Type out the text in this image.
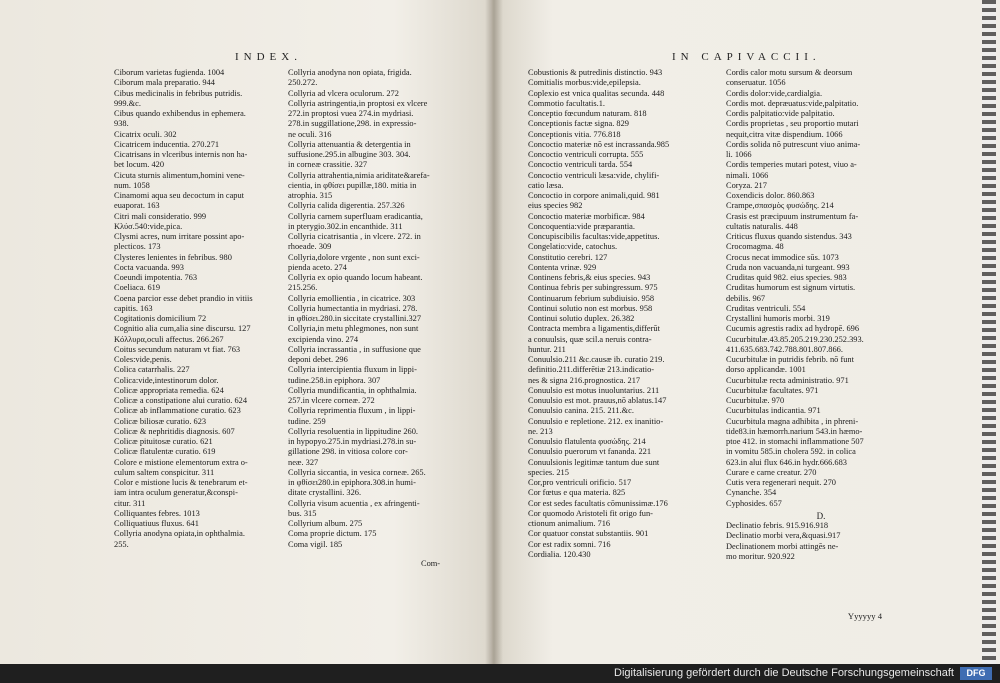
INDEX.
Ciborum varietas fugienda. 1004
Ciborum mala preparatio. 944
Cibus medicinalis in febribus putridis.
999.&c.
Cibus quando exhibendus in ephemera.
938.
Cicatrix oculi. 302
Cicatricem inducentia. 270.271
Cicatrisans in vlceribus internis non ha-
bet locum. 420
Cicuta sturnis alimentum,homini vene-
num. 1058
Cinamomi aqua seu decoctum in caput
euaporat. 163
Citri mali consideratio. 999
Κλύσ.540:vide,pica.
Clysmi acres, num irritare possint apo-
plecticos. 173
Clysteres lenientes in febribus. 980
Cocta vacuanda. 993
Coeundi impotentia. 763
Coeliaca. 619
Coena parcior esse debet prandio in vitiis
capitis. 163
Cogitationis domicilium 72
Cognitio alia cum,alia sine discursu. 127
Κόλλυρα,oculi affectus. 266.267
Coitus secundum naturam vt fiat. 763
Coles:vide,penis.
Colica catarrhalis. 227
Colica:vide,intestinorum dolor.
Colicæ appropriata remedia. 624
Colicæ a constipatione alui curatio. 624
Colicæ ab inflammatione curatio. 623
Colicæ biliosæ curatio. 623
Colicæ & nephritidis diagnosis. 607
Colicæ pituitosæ curatio. 621
Colicæ flatulentæ curatio. 619
Colore e mistione elementorum extra o-
culum saltem conspicitur. 311
Color e mistione lucis & tenebrarum et-
iam intra oculum generatur,&conspi-
citur. 311
Colliquantes febres. 1013
Colliquatiuus fluxus. 641
Collyria anodyna opiata,in ophthalmia.
255.
Collyria anodyna non opiata, frigida.
250.272.
Collyria ad vlcera oculorum. 272
Collyria astringentia,in proptosi ex vlcere
272.in proptosi vuea 274.in mydriasi.
278.in suggillatione,298. in expressio-
ne oculi. 316
Collyria attenuantia & detergentia in
suffusione.295.in albugine 303. 304.
in corneæ crassitie. 327
Collyria attrahentia,nimia ariditate&arefa-
cientia, in φθίσει pupillæ,180. mitia in
atrophia. 315
Collyria calida digerentia. 257.326
Collyria carnem superfluam eradicantia,
in pterygio.302.in encanthide. 311
Collyria cicatrisantia , in vlcere. 272. in
rhoeade. 309
Collyria,dolore vrgente , non sunt exci-
pienda aceto. 274
Collyria ex opio quando locum habeant.
215.256.
Collyria emollientia , in cicatrice. 303
Collyria humectantia in mydriasi. 278.
in φθίσει.280.in siccitate crystallini.327
Collyria,in metu phlegmones, non sunt
excipienda vino. 274
Collyria incrassantia , in suffusione que
deponi debet. 296
Collyria intercipientia fluxum in lippi-
tudine.258.in epiphora. 307
Collyria mundificantia, in ophthalmia.
257.in vlcere corneæ. 272
Collyria reprimentia fluxum , in lippi-
tudine. 259
Collyria resoluentia in lippitudine 260.
in hypopyo.275.in mydriasi.278.in su-
gillatione 298. in vitiosa colore cor-
neæ. 327
Collyria siccantia, in vesica corneæ. 265.
in φθίσει280.in epiphora.308.in humi-
ditate crystallini. 326.
Collyria visum acuentia , ex afringenti-
bus. 315
Collyrium album. 275
Coma proprie dictum. 175
Coma vigil. 185
Com-
IN CAPIVACCII.
Cobustionis & putredinis distinctio. 943
Comitialis morbus:vide,epilepsia.
Coplexio est vnica qualitas secunda. 448
Commotio facultatis.1.
Conceptio fœcundum naturam. 818
Conceptionis factæ signa. 829
Conceptionis vitia. 776.818
Concoctio materiæ nō est incrassanda.985
Concoctio ventriculi corrupta. 555
Concoctio ventriculi tarda. 554
Concoctio ventriculi læsa:vide, chylifi-
catio læsa.
Concoctio in corpore animali,quid. 981
eius species 982
Concoctio materiæ morbificæ. 984
Concoquentia:vide præparantia.
Concupiscibilis facultas:vide,appetitus.
Congelatio:vide, catochus.
Constitutio cerebri. 127
Contenta vrinæ. 929
Continens febris,& eius species. 943
Continua febris per subingressum. 975
Continuarum febrium subdiuisio. 958
Continui solutio non est morbus. 958
Continui solutio duplex. 26.382
Contracta membra a ligamentis,differūt
a conuulsis, quæ scil.a neruis contra-
huntur. 211
Conuulsio.211 &c.causæ ib. curatio 219.
definitio.211.differētiæ 213.indicatio-
nes & signa 216.prognostica. 217
Conuulsio est motus inuoluntarius. 211
Conuulsio est mot. prauus,nō ablatus.147
Conuulsio canina. 215. 211.&c.
Conuulsio e repletione. 212. ex inanitio-
ne. 213
Conuulsio flatulenta φυσώδης. 214
Conuulsio puerorum vt fananda. 221
Conuulsionis legitimæ tantum due sunt
species. 215
Cor,pro ventriculi orificio. 517
Cor fœtus e qua materia. 825
Cor est sedes facultatis cōmunissimæ.176
Cor quomodo Aristoteli fit origo fun-
ctionum animalium. 716
Cor quatuor constat substantiis. 901
Cor est radix somni. 716
Cordialia. 120.430
Cordis calor motu sursum & deorsum
conseruatur. 1056
Cordis dolor:vide,cardialgia.
Cordis mot. depræuatus:vide,palpitatio.
Cordis palpitatio:vide palpitatio.
Cordis proprietas , seu proportio mutari
nequit,citra vitæ dispendium. 1066
Cordis solida nō putrescunt viuo anima-
li. 1066
Cordis temperies mutari potest, viuo a-
nimali. 1066
Coryza. 217
Coxendicis dolor. 860.863
Crampe,σπασμὸς φυσώδης. 214
Crasis est præcipuum instrumentum fa-
cultatis naturalis. 448
Criticus fluxus quando sistendus. 343
Crocomagma. 48
Crocus necat immodice sūs. 1073
Cruda non vacuanda,ni turgeant. 993
Cruditas quid 982. eius species. 983
Cruditas humorum est signum virtutis.
debilis. 967
Cruditas ventriculi. 554
Crystallini humoris morbi. 319
Cucumis agrestis radix ad hydropē. 696
Cucurbitulæ.43.85.205.219.230.252.393.
411.635.683.742.788.801.807.866.
Cucurbitulæ in putridis febrib. nō funt
dorso applicandæ. 1001
Cucurbitulæ recta administratio. 971
Cucurbitulæ facultates. 971
Cucurbitulæ. 970
Cucurbitulas indicantia. 971
Cucurbitula magna adhibita , in phreni-
tide83.in hæmorrh.narium 543.in hæmo-
ptoe 412. in stomachi inflammatione 507
in vomitu 585.in cholera 592. in colica
623.in alui flux 646.in hydr.666.683
Curare e carne creatur. 270
Cutis vera regenerari nequit. 270
Cynanche. 354
Cyphosides. 657
D.
Declinatio febris. 915.916.918
Declinatio morbi vera,&quasi.917
Declinationem morbi attingēs ne-
mo moritur. 920.922
Yyyyyy 4
Digitalisierung gefördert durch die Deutsche Forschungsgemeinschaft	DFG
